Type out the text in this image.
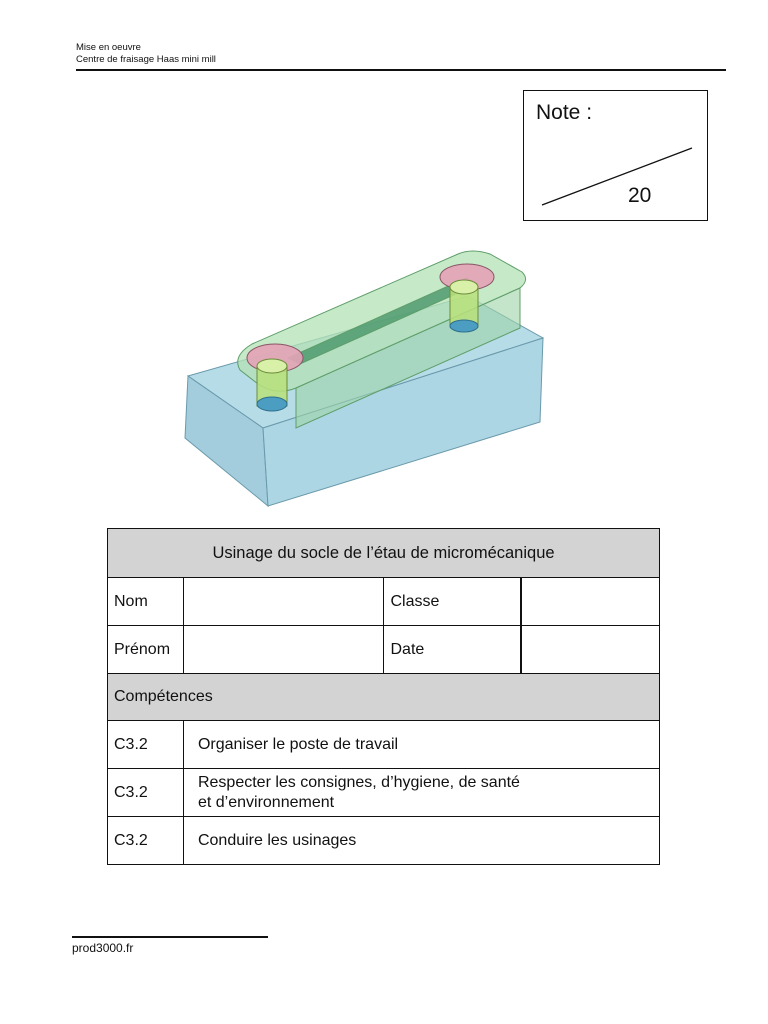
Mise en oeuvre
Centre de fraisage Haas mini mill
Note :
20
Usinage du socle de l’étau de micromécanique			
Nom		Classe	
Prénom		Date	
Compétences			
C3.2	Organiser le poste de travail		

C3.2	Respecter les consignes, d’hygiene, de santé
et d’environnement		

C3.2	Conduire les usinages		
prod3000.fr
